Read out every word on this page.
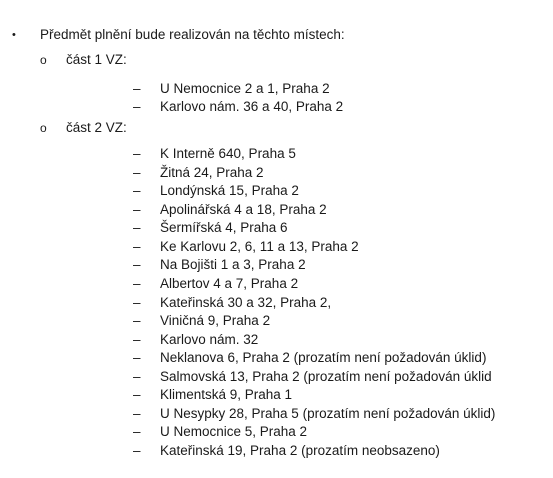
• Předmět plnění bude realizován na těchto místech:
o část 1 VZ:
– U Nemocnice 2 a 1, Praha 2
– Karlovo nám. 36 a 40, Praha 2
o část 2 VZ:
– K Interně 640, Praha 5
– Žitná 24, Praha 2
– Londýnská 15, Praha 2
– Apolinářská 4 a 18, Praha 2
– Šermířská 4, Praha 6
– Ke Karlovu 2, 6, 11 a 13, Praha 2
– Na Bojišti 1 a 3, Praha 2
– Albertov 4 a 7, Praha 2
– Kateřinská 30 a 32, Praha 2,
– Viničná 9, Praha 2
– Karlovo nám. 32
– Neklanova 6, Praha 2 (prozatím není požadován úklid)
– Salmovská 13, Praha 2 (prozatím není požadován úklid
– Klimentská 9, Praha 1
– U Nesypky 28, Praha 5 (prozatím není požadován úklid)
– U Nemocnice 5, Praha 2
– Kateřinská 19, Praha 2 (prozatím neobsazeno)
